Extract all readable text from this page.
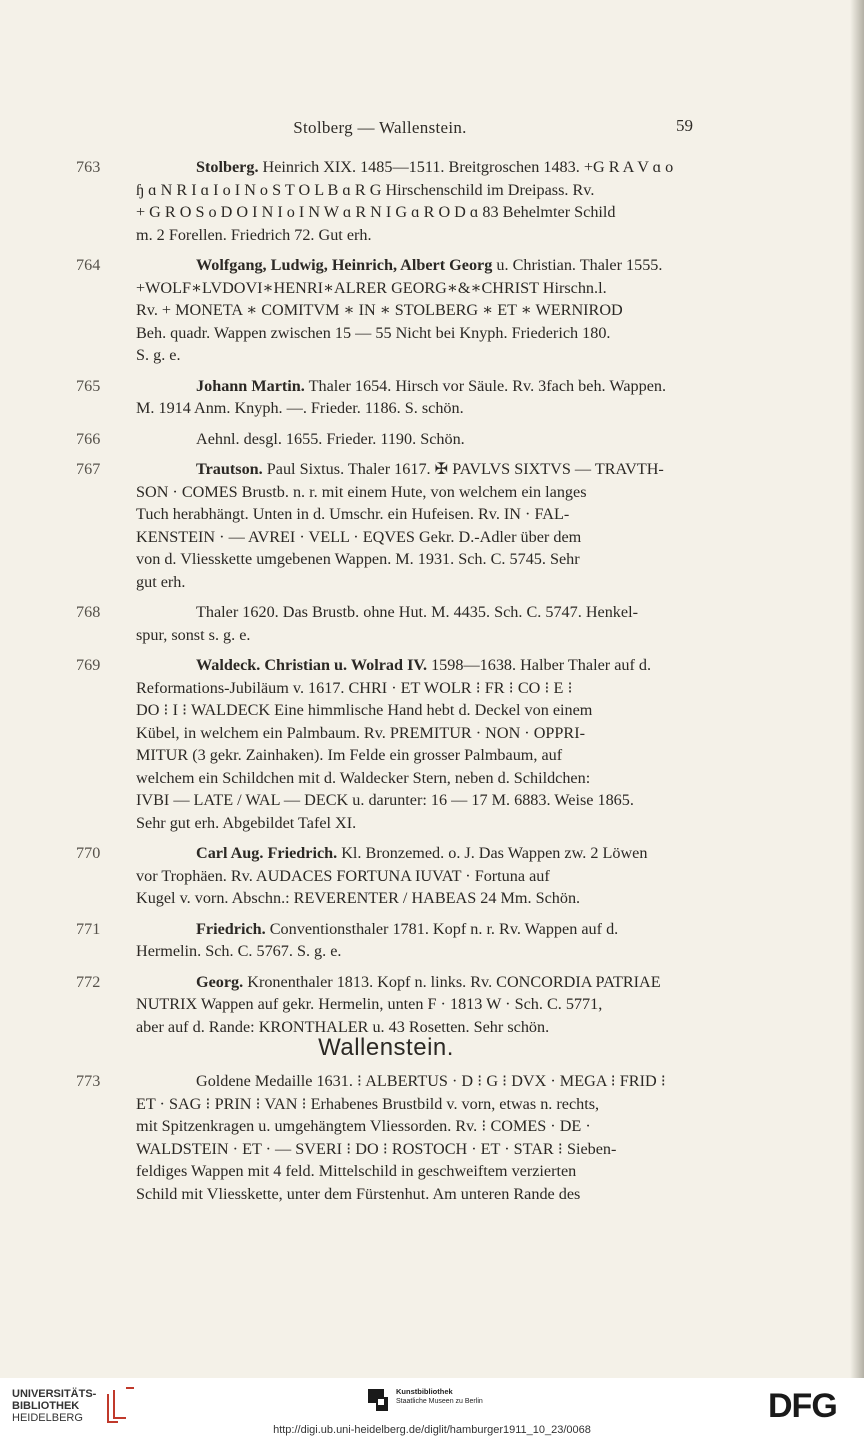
Stolberg — Wallenstein.	59
763	Stolberg. Heinrich XIX. 1485—1511. Breitgroschen 1483. +G R A V ɑ o
ɧ ɑ N R I ɑ I o I N o S T O L B ɑ R G Hirschenschild im Dreipass. Rv.
+ G R O S o D O I N I o I N W ɑ R N I G ɑ R O D ɑ 83 Behelmter Schild
m. 2 Forellen. Friedrich 72. Gut erh.
764	Wolfgang, Ludwig, Heinrich, Albert Georg u. Christian. Thaler 1555.
+WOLF∗LVDOVI∗HENRI∗ALRER GEORG∗&∗CHRIST Hirschn.l.
Rv. + MONETA ∗ COMITVM ∗ IN ∗ STOLBERG ∗ ET ∗ WERNIROD
Beh. quadr. Wappen zwischen 15 — 55 Nicht bei Knyph. Friederich 180.
S. g. e.
765	Johann Martin. Thaler 1654. Hirsch vor Säule. Rv. 3fach beh. Wappen.
M. 1914 Anm. Knyph. —. Frieder. 1186. S. schön.
766	Aehnl. desgl. 1655. Frieder. 1190. Schön.
767	Trautson. Paul Sixtus. Thaler 1617. ✠ PAVLVS SIXTVS — TRAVTH-
SON · COMES Brustb. n. r. mit einem Hute, von welchem ein langes
Tuch herabhängt. Unten in d. Umschr. ein Hufeisen. Rv. IN · FAL-
KENSTEIN · — AVREI · VELL · EQVES Gekr. D.-Adler über dem
von d. Vliesskette umgebenen Wappen. M. 1931. Sch. C. 5745. Sehr
gut erh.
768	Thaler 1620. Das Brustb. ohne Hut. M. 4435. Sch. C. 5747. Henkel-
spur, sonst s. g. e.
769	Waldeck. Christian u. Wolrad IV. 1598—1638. Halber Thaler auf d.
Reformations-Jubiläum v. 1617. CHRI · ET WOLR ⁝ FR ⁝ CO ⁝ E ⁝
DO ⁝ I ⁝ WALDECK Eine himmlische Hand hebt d. Deckel von einem
Kübel, in welchem ein Palmbaum. Rv. PREMITUR · NON · OPPRI-
MITUR (3 gekr. Zainhaken). Im Felde ein grosser Palmbaum, auf
welchem ein Schildchen mit d. Waldecker Stern, neben d. Schildchen:
IVBI — LATE / WAL — DECK u. darunter: 16 — 17 M. 6883. Weise 1865.
Sehr gut erh. Abgebildet Tafel XI.
770	Carl Aug. Friedrich. Kl. Bronzemed. o. J. Das Wappen zw. 2 Löwen
vor Trophäen. Rv. AUDACES FORTUNA IUVAT · Fortuna auf
Kugel v. vorn. Abschn.: REVERENTER / HABEAS 24 Mm. Schön.
771	Friedrich. Conventionsthaler 1781. Kopf n. r. Rv. Wappen auf d.
Hermelin. Sch. C. 5767. S. g. e.
772	Georg. Kronenthaler 1813. Kopf n. links. Rv. CONCORDIA PATRIAE
NUTRIX Wappen auf gekr. Hermelin, unten F · 1813 W · Sch. C. 5771,
aber auf d. Rande: KRONTHALER u. 43 Rosetten. Sehr schön.
Wallenstein.
773	Goldene Medaille 1631. ⁝ ALBERTUS · D ⁝ G ⁝ DVX · MEGA ⁝ FRID ⁝
ET · SAG ⁝ PRIN ⁝ VAN ⁝ Erhabenes Brustbild v. vorn, etwas n. rechts,
mit Spitzenkragen u. umgehängtem Vliessorden. Rv. ⁝ COMES · DE ·
WALDSTEIN · ET · — SVERI ⁝ DO ⁝ ROSTOCH · ET · STAR ⁝ Sieben-
feldiges Wappen mit 4 feld. Mittelschild in geschweiftem verzierten
Schild mit Vliesskette, unter dem Fürstenhut. Am unteren Rande des
UNIVERSITÄTS-
BIBLIOTHEK
HEIDELBERG
Kunstbibliothek
Staatliche Museen zu Berlin	DFG
http://digi.ub.uni-heidelberg.de/diglit/hamburger1911_10_23/0068
